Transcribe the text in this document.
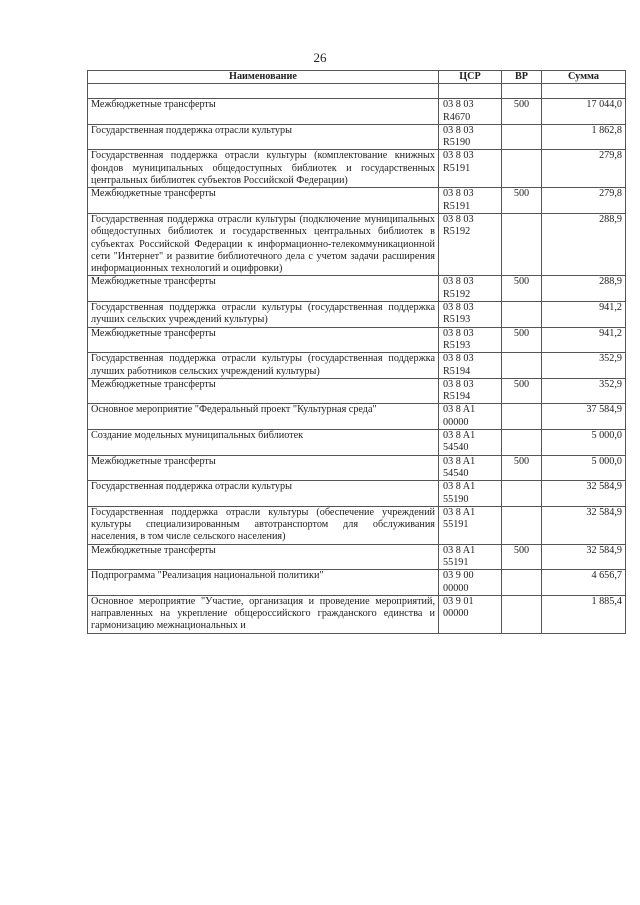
26
Наименование	ЦСР	ВР	Сумма

Межбюджетные трансферты	03 8 03 R4670	500	17 044,0
Государственная поддержка отрасли культуры	03 8 03 R5190		1 862,8
Государственная поддержка отрасли культуры (комплектование книжных фондов муниципальных общедоступных библиотек и государственных центральных библиотек субъектов Российской Федерации)	03 8 03 R5191		279,8
Межбюджетные трансферты	03 8 03 R5191	500	279,8
Государственная поддержка отрасли культуры (подключение муниципальных общедоступных библиотек и государственных центральных библиотек в субъектах Российской Федерации к информационно-телекоммуникационной сети "Интернет" и развитие библиотечного дела с учетом задачи расширения информационных технологий и оцифровки)	03 8 03 R5192		288,9
Межбюджетные трансферты	03 8 03 R5192	500	288,9
Государственная поддержка отрасли культуры (государственная поддержка лучших сельских учреждений культуры)	03 8 03 R5193		941,2
Межбюджетные трансферты	03 8 03 R5193	500	941,2
Государственная поддержка отрасли культуры (государственная поддержка лучших работников сельских учреждений культуры)	03 8 03 R5194		352,9
Межбюджетные трансферты	03 8 03 R5194	500	352,9
Основное мероприятие "Федеральный проект "Культурная среда"	03 8 A1 00000		37 584,9
Создание модельных муниципальных библиотек	03 8 A1 54540		5 000,0
Межбюджетные трансферты	03 8 A1 54540	500	5 000,0
Государственная поддержка отрасли культуры	03 8 A1 55190		32 584,9
Государственная поддержка отрасли культуры (обеспечение учреждений культуры специализированным автотранспортом для обслуживания населения, в том числе сельского населения)	03 8 A1 55191		32 584,9
Межбюджетные трансферты	03 8 A1 55191	500	32 584,9
Подпрограмма "Реализация национальной политики"	03 9 00 00000		4 656,7
Основное мероприятие "Участие, организация и проведение мероприятий, направленных на укрепление общероссийского гражданского единства и гармонизацию межнациональных и	03 9 01 00000		1 885,4
